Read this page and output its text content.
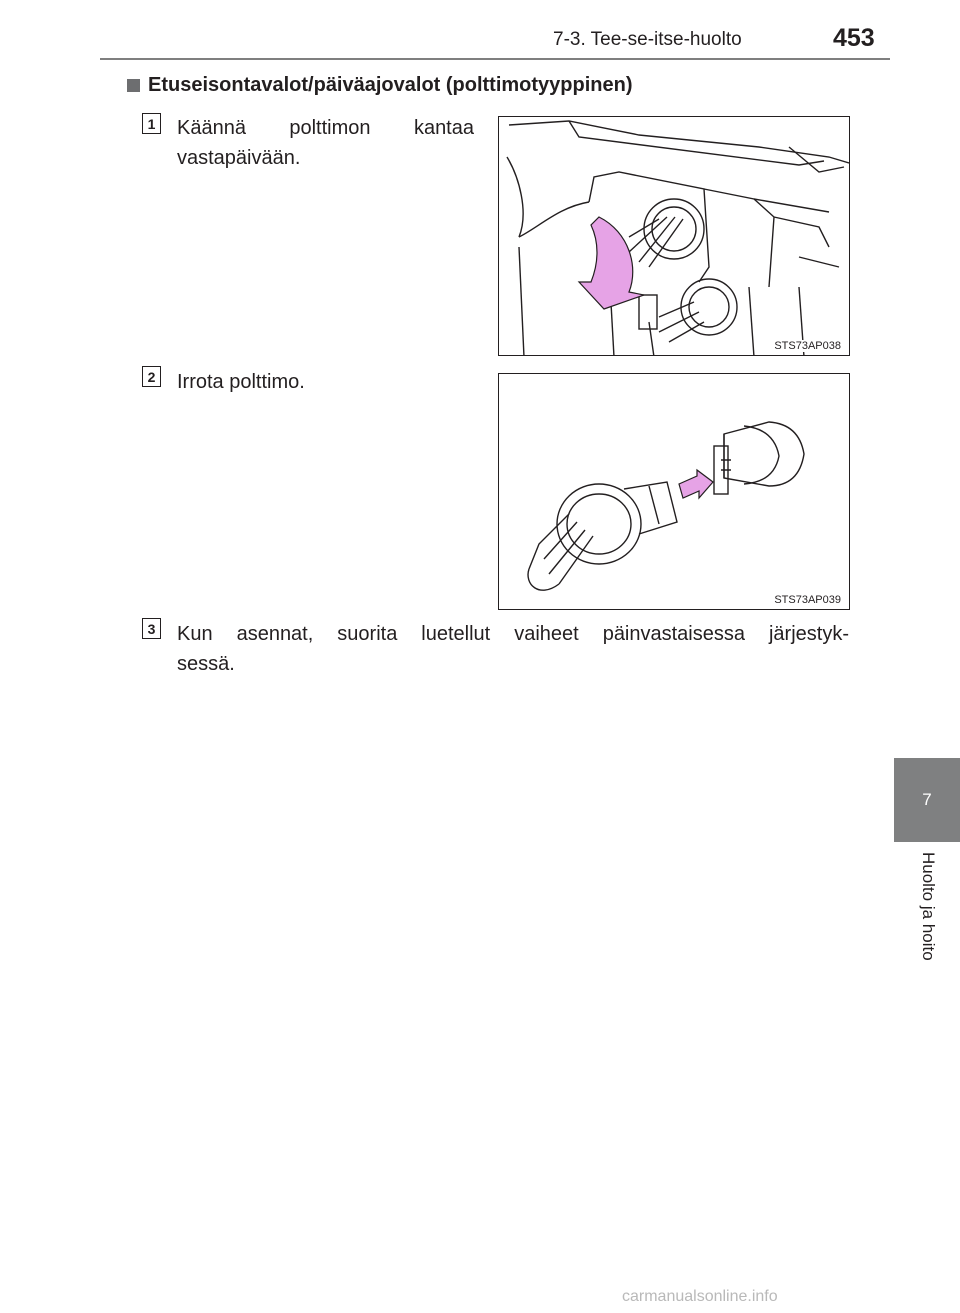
7-3. Tee-se-itse-huolto	453
7
Huolto ja hoito
Etuseisontavalot/päiväajovalot (polttimotyyppinen)
1 Käännä polttimon kantaa
vastapäivään.
STS73AP038
2 Irrota polttimo.
STS73AP039
3 Kun asennat, suorita luetellut vaiheet päinvastaisessa järjestyk-
sessä.
carmanualsonline.info
